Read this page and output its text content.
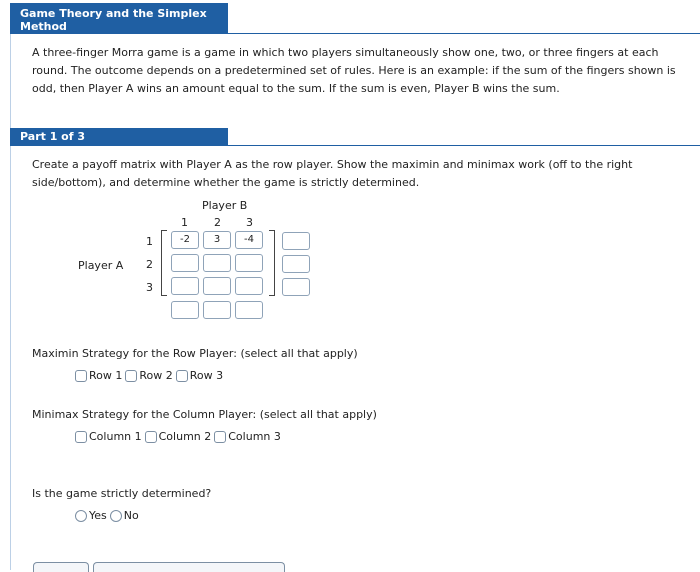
Game Theory and the Simplex
Method
A three-finger Morra game is a game in which two players simultaneously show one, two, or three fingers at each
round. The outcome depends on a predetermined set of rules. Here is an example: if the sum of the fingers shown is
odd, then Player A wins an amount equal to the sum. If the sum is even, Player B wins the sum.
Part 1 of 3
Create a payoff matrix with Player A as the row player. Show the maximin and minimax work (off to the right
side/bottom), and determine whether the game is strictly determined.
Player B
1 2 3
Player A
1
2
3
-2	3	-4
Maximin Strategy for the Row Player: (select all that apply)
Row 1 Row 2 Row 3
Minimax Strategy for the Column Player: (select all that apply)
Column 1 Column 2 Column 3
Is the game strictly determined?
Yes No
